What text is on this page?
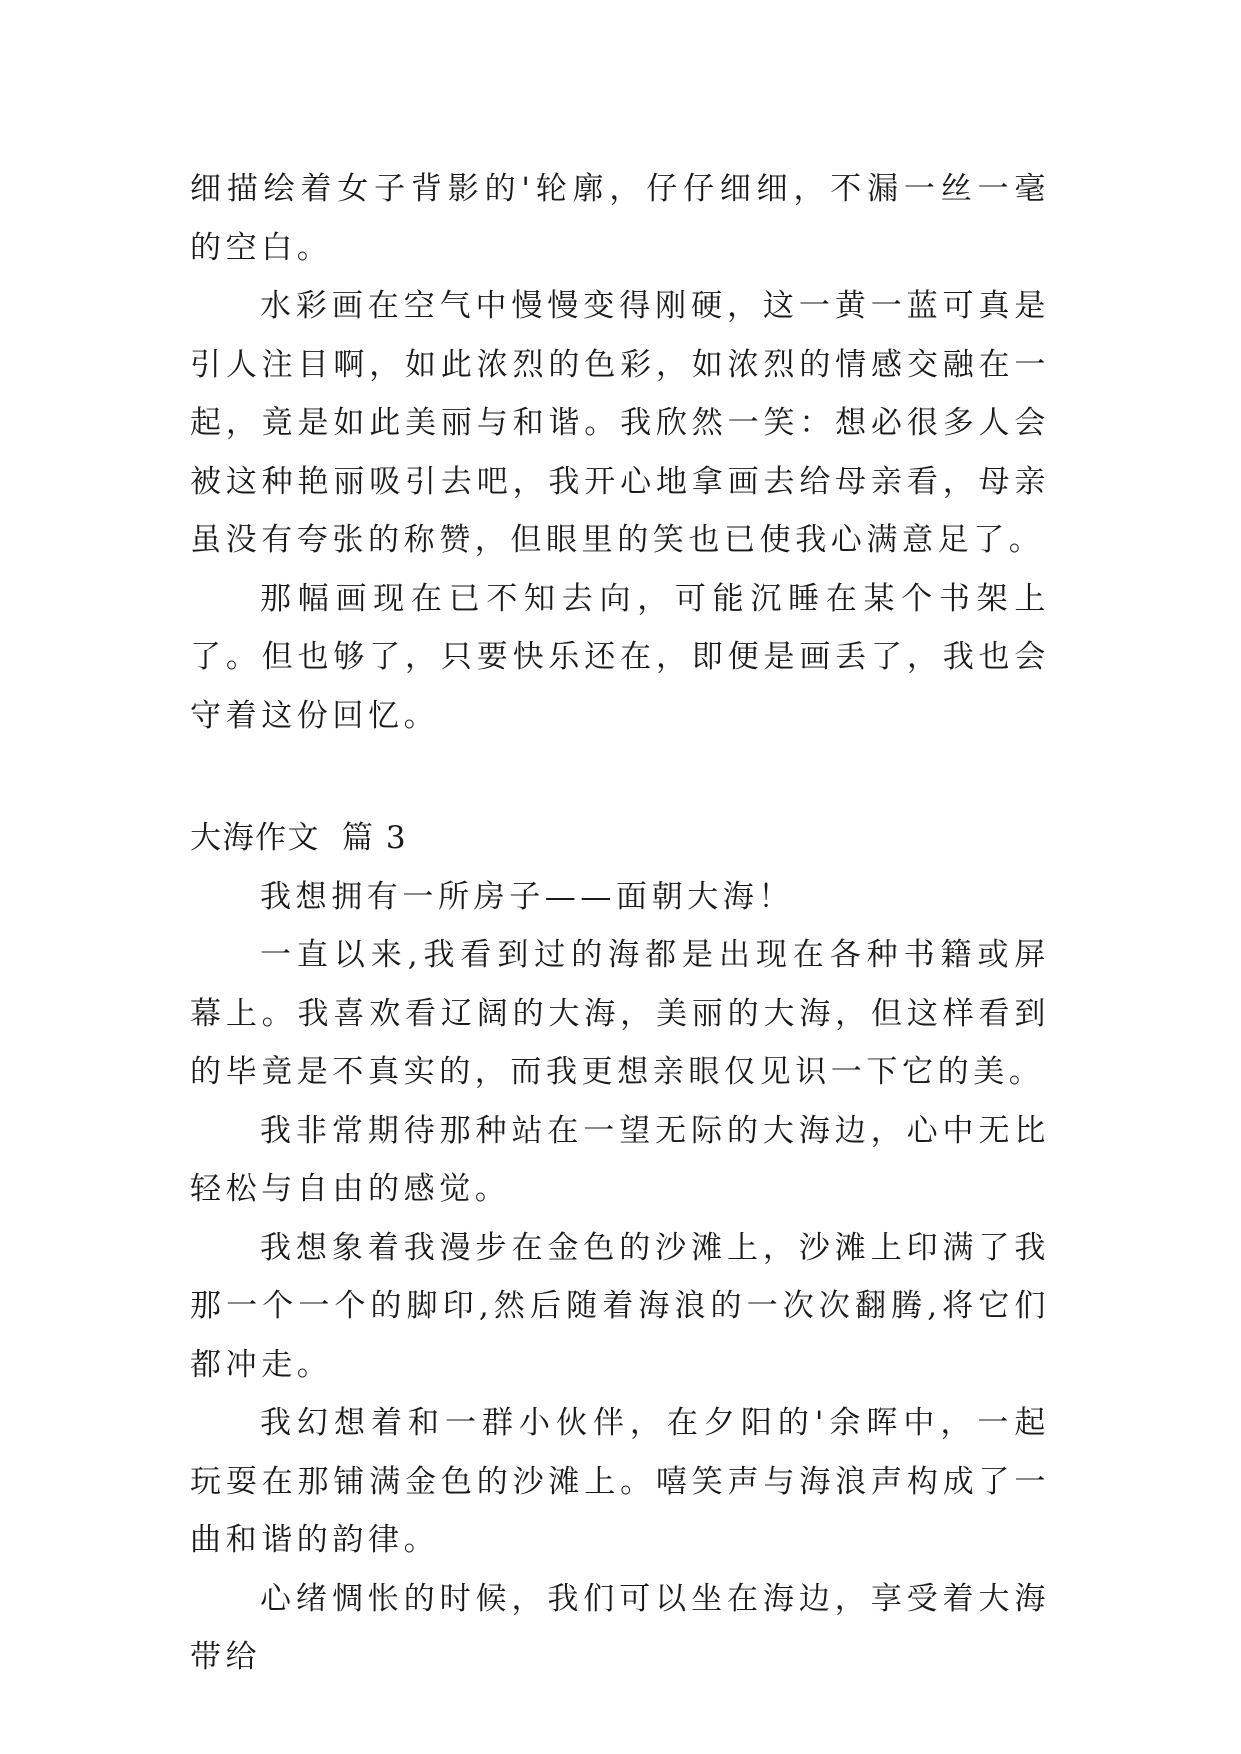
细描绘着女子背影的'轮廓，仔仔细细，不漏一丝一毫的空白。

水彩画在空气中慢慢变得刚硬，这一黄一蓝可真是引人注目啊，如此浓烈的色彩，如浓烈的情感交融在一起，竟是如此美丽与和谐。我欣然一笑：想必很多人会被这种艳丽吸引去吧，我开心地拿画去给母亲看，母亲虽没有夸张的称赞，但眼里的笑也已使我心满意足了。

那幅画现在已不知去向，可能沉睡在某个书架上了。但也够了，只要快乐还在，即便是画丢了，我也会守着这份回忆。

大海作文 篇 3

我想拥有一所房子——面朝大海！

一直以来,我看到过的海都是出现在各种书籍或屏幕上。我喜欢看辽阔的大海，美丽的大海，但这样看到的毕竟是不真实的，而我更想亲眼仅见识一下它的美。

我非常期待那种站在一望无际的大海边，心中无比轻松与自由的感觉。

我想象着我漫步在金色的沙滩上，沙滩上印满了我那一个一个的脚印,然后随着海浪的一次次翻腾,将它们都冲走。

我幻想着和一群小伙伴，在夕阳的'余晖中，一起玩耍在那铺满金色的沙滩上。嘻笑声与海浪声构成了一曲和谐的韵律。

心绪惆怅的时候，我们可以坐在海边，享受着大海带给
